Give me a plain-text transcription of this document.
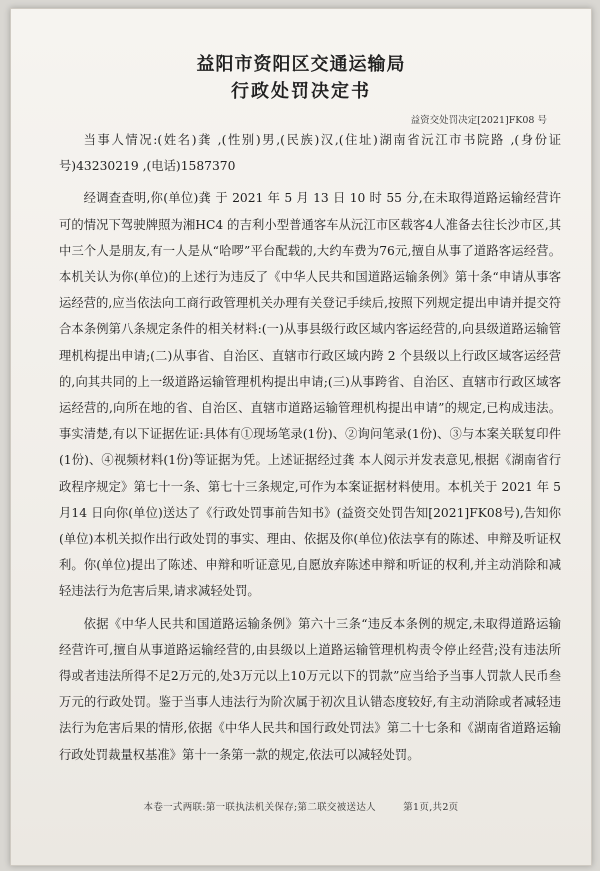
益阳市资阳区交通运输局
行政处罚决定书
益资交处罚决定[2021]FK08 号

当事人情况:(姓名)龚 ,(性别)男,(民族)汉,(住址)湖南省沅江市书院路 ,(身份证号)43230219 ,(电话)1587370

经调查查明,你(单位)龚 于 2021 年 5 月 13 日 10 时 55 分,在未取得道路运输经营许可的情况下驾驶牌照为湘HC4 的吉利小型普通客车从沅江市区载客4人准备去往长沙市区,其中三个人是朋友,有一人是从“哈啰”平台配载的,大约车费为76元,擅自从事了道路客运经营。本机关认为你(单位)的上述行为违反了《中华人民共和国道路运输条例》第十条“申请从事客运经营的,应当依法向工商行政管理机关办理有关登记手续后,按照下列规定提出申请并提交符合本条例第八条规定条件的相关材料:(一)从事县级行政区域内客运经营的,向县级道路运输管理机构提出申请;(二)从事省、自治区、直辖市行政区域内跨 2 个县级以上行政区域客运经营的,向其共同的上一级道路运输管理机构提出申请;(三)从事跨省、自治区、直辖市行政区域客运经营的,向所在地的省、自治区、直辖市道路运输管理机构提出申请”的规定,已构成违法。事实清楚,有以下证据佐证:具体有①现场笔录(1份)、②询问笔录(1份)、③与本案关联复印件(1份)、④视频材料(1份)等证据为凭。上述证据经过龚 本人阅示并发表意见,根据《湖南省行政程序规定》第七十一条、第七十三条规定,可作为本案证据材料使用。本机关于 2021 年 5 月14 日向你(单位)送达了《行政处罚事前告知书》(益资交处罚告知[2021]FK08号),告知你(单位)本机关拟作出行政处罚的事实、理由、依据及你(单位)依法享有的陈述、申辩及听证权利。你(单位)提出了陈述、申辩和听证意见,自愿放弃陈述申辩和听证的权利,并主动消除和减轻违法行为危害后果,请求减轻处罚。

依据《中华人民共和国道路运输条例》第六十三条“违反本条例的规定,未取得道路运输经营许可,擅自从事道路运输经营的,由县级以上道路运输管理机构责令停止经营;没有违法所得或者违法所得不足2万元的,处3万元以上10万元以下的罚款”应当给予当事人罚款人民币叁万元的行政处罚。鉴于当事人违法行为阶次属于初次且认错态度较好,有主动消除或者减轻违法行为危害后果的情形,依据《中华人民共和国行政处罚法》第二十七条和《湖南省道路运输行政处罚裁量权基准》第十一条第一款的规定,依法可以减轻处罚。

本卷一式两联:第一联执法机关保存;第二联交被送达人	第1页,共2页
